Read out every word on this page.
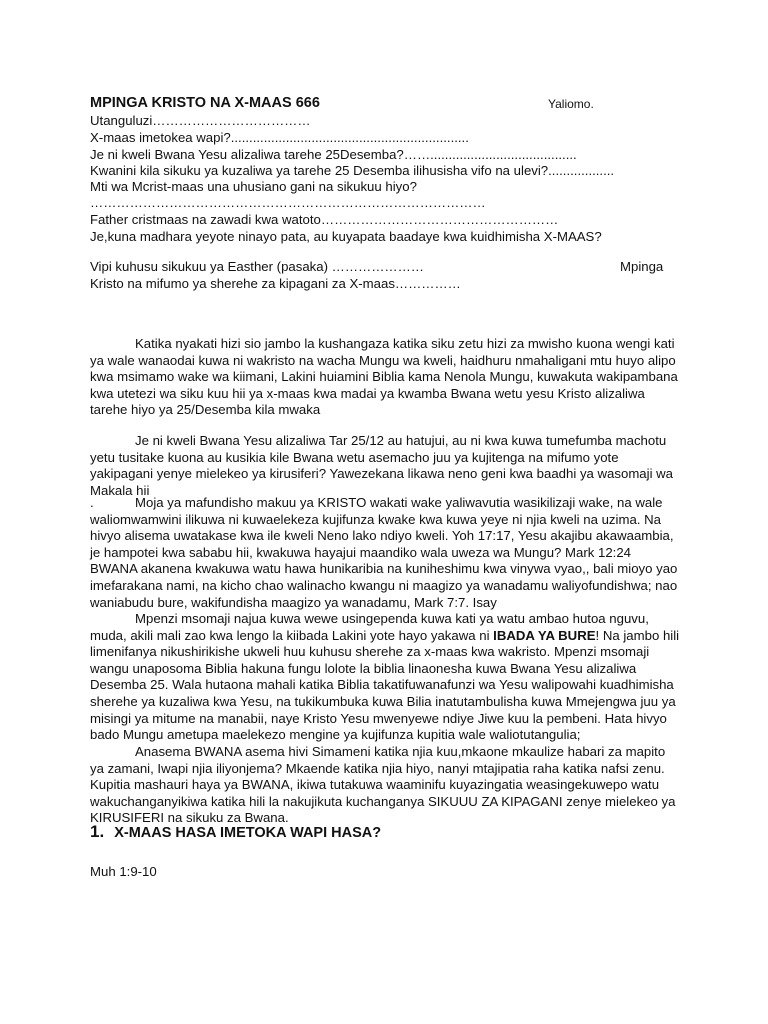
MPINGA KRISTO NA X-MAAS 666	Yaliomo.
Utanguluzi………………………………
X-maas imetokea wapi?.................................................................
Je ni kweli Bwana Yesu alizaliwa tarehe 25Desemba?……........................................
Kwanini kila sikuku ya kuzaliwa ya tarehe 25 Desemba ilihusisha vifo na ulevi?..................
Mti wa Mcrist-maas una uhusiano gani na sikukuu hiyo?
………………………………………………………………………………
Father cristmaas na zawadi kwa watoto………………………………………………
Je,kuna madhara yeyote ninayo pata, au kuyapata baadaye kwa kuidhimisha X-MAAS?
Vipi kuhusu sikukuu ya Easther (pasaka) …………………	Mpinga
Kristo na mifumo ya sherehe za kipagani za X-maas……………

Katika nyakati hizi sio jambo la kushangaza katika siku zetu hizi za mwisho kuona wengi kati ya wale wanaodai kuwa ni wakristo na wacha Mungu wa kweli, haidhuru nmahaligani mtu huyo alipo kwa msimamo wake wa kiimani, Lakini huiamini Biblia kama Nenola Mungu, kuwakuta wakipambana kwa utetezi wa siku kuu hii ya x-maas kwa madai ya kwamba Bwana wetu yesu Kristo alizaliwa tarehe hiyo ya 25/Desemba kila mwaka

Je ni kweli Bwana Yesu alizaliwa Tar 25/12 au hatujui, au ni kwa kuwa tumefumba machotu yetu tusitake kuona au kusikia kile Bwana wetu asemacho juu ya kujitenga na mifumo yote yakipagani yenye mielekeo ya kirusiferi? Yawezekana likawa neno geni kwa baadhi ya wasomaji wa Makala hii

.	Moja ya mafundisho makuu ya KRISTO wakati wake yaliwavutia wasikilizaji wake, na wale waliomwamwini ilikuwa ni kuwaelekeza kujifunza kwake kwa kuwa yeye ni njia kweli na uzima. Na hivyo alisema uwatakase kwa ile kweli Neno lako ndiyo kweli. Yoh 17:17, Yesu akajibu akawaambia, je hampotei kwa sababu hii, kwakuwa hayajui maandiko wala uweza wa Mungu? Mark 12:24 BWANA akanena kwakuwa watu hawa hunikaribia na kuniheshimu kwa vinywa vyao,, bali mioyo yao imefarakana nami, na kicho chao walinacho kwangu ni maagizo ya wanadamu waliyofundishwa; nao waniabudu bure, wakifundisha maagizo ya wanadamu, Mark 7:7. Isay

Mpenzi msomaji najua kuwa wewe usingependa kuwa kati ya watu ambao hutoa nguvu, muda, akili mali zao kwa lengo la kiibada Lakini yote hayo yakawa ni IBADA YA BURE! Na jambo hili limenifanya nikushirikishe ukweli huu kuhusu sherehe za x-maas kwa wakristo. Mpenzi msomaji wangu unaposoma Biblia hakuna fungu lolote la biblia linaonesha kuwa Bwana Yesu alizaliwa Desemba 25. Wala hutaona mahali katika Biblia takatifuwanafunzi wa Yesu walipowahi kuadhimisha sherehe ya kuzaliwa kwa Yesu, na tukikumbuka kuwa Bilia inatutambulisha kuwa Mmejengwa juu ya misingi ya mitume na manabii, naye Kristo Yesu mwenyewe ndiye Jiwe kuu la pembeni. Hata hivyo bado Mungu ametupa maelekezo mengine ya kujifunza kupitia wale waliotutangulia;

Anasema BWANA asema hivi Simameni katika njia kuu,mkaone mkaulize habari za mapito ya zamani, Iwapi njia iliyonjema? Mkaende katika njia hiyo, nanyi mtajipatia raha katika nafsi zenu. Kupitia mashauri haya ya BWANA, ikiwa tutakuwa waaminifu kuyazingatia weasingekuwepo watu wakuchanganyikiwa katika hili la nakujikuta kuchanganya SIKUUU ZA KIPAGANI zenye mielekeo ya KIRUSIFERI na sikuku za Bwana.

1. X-MAAS HASA IMETOKA WAPI HASA?
Muh 1:9-10
